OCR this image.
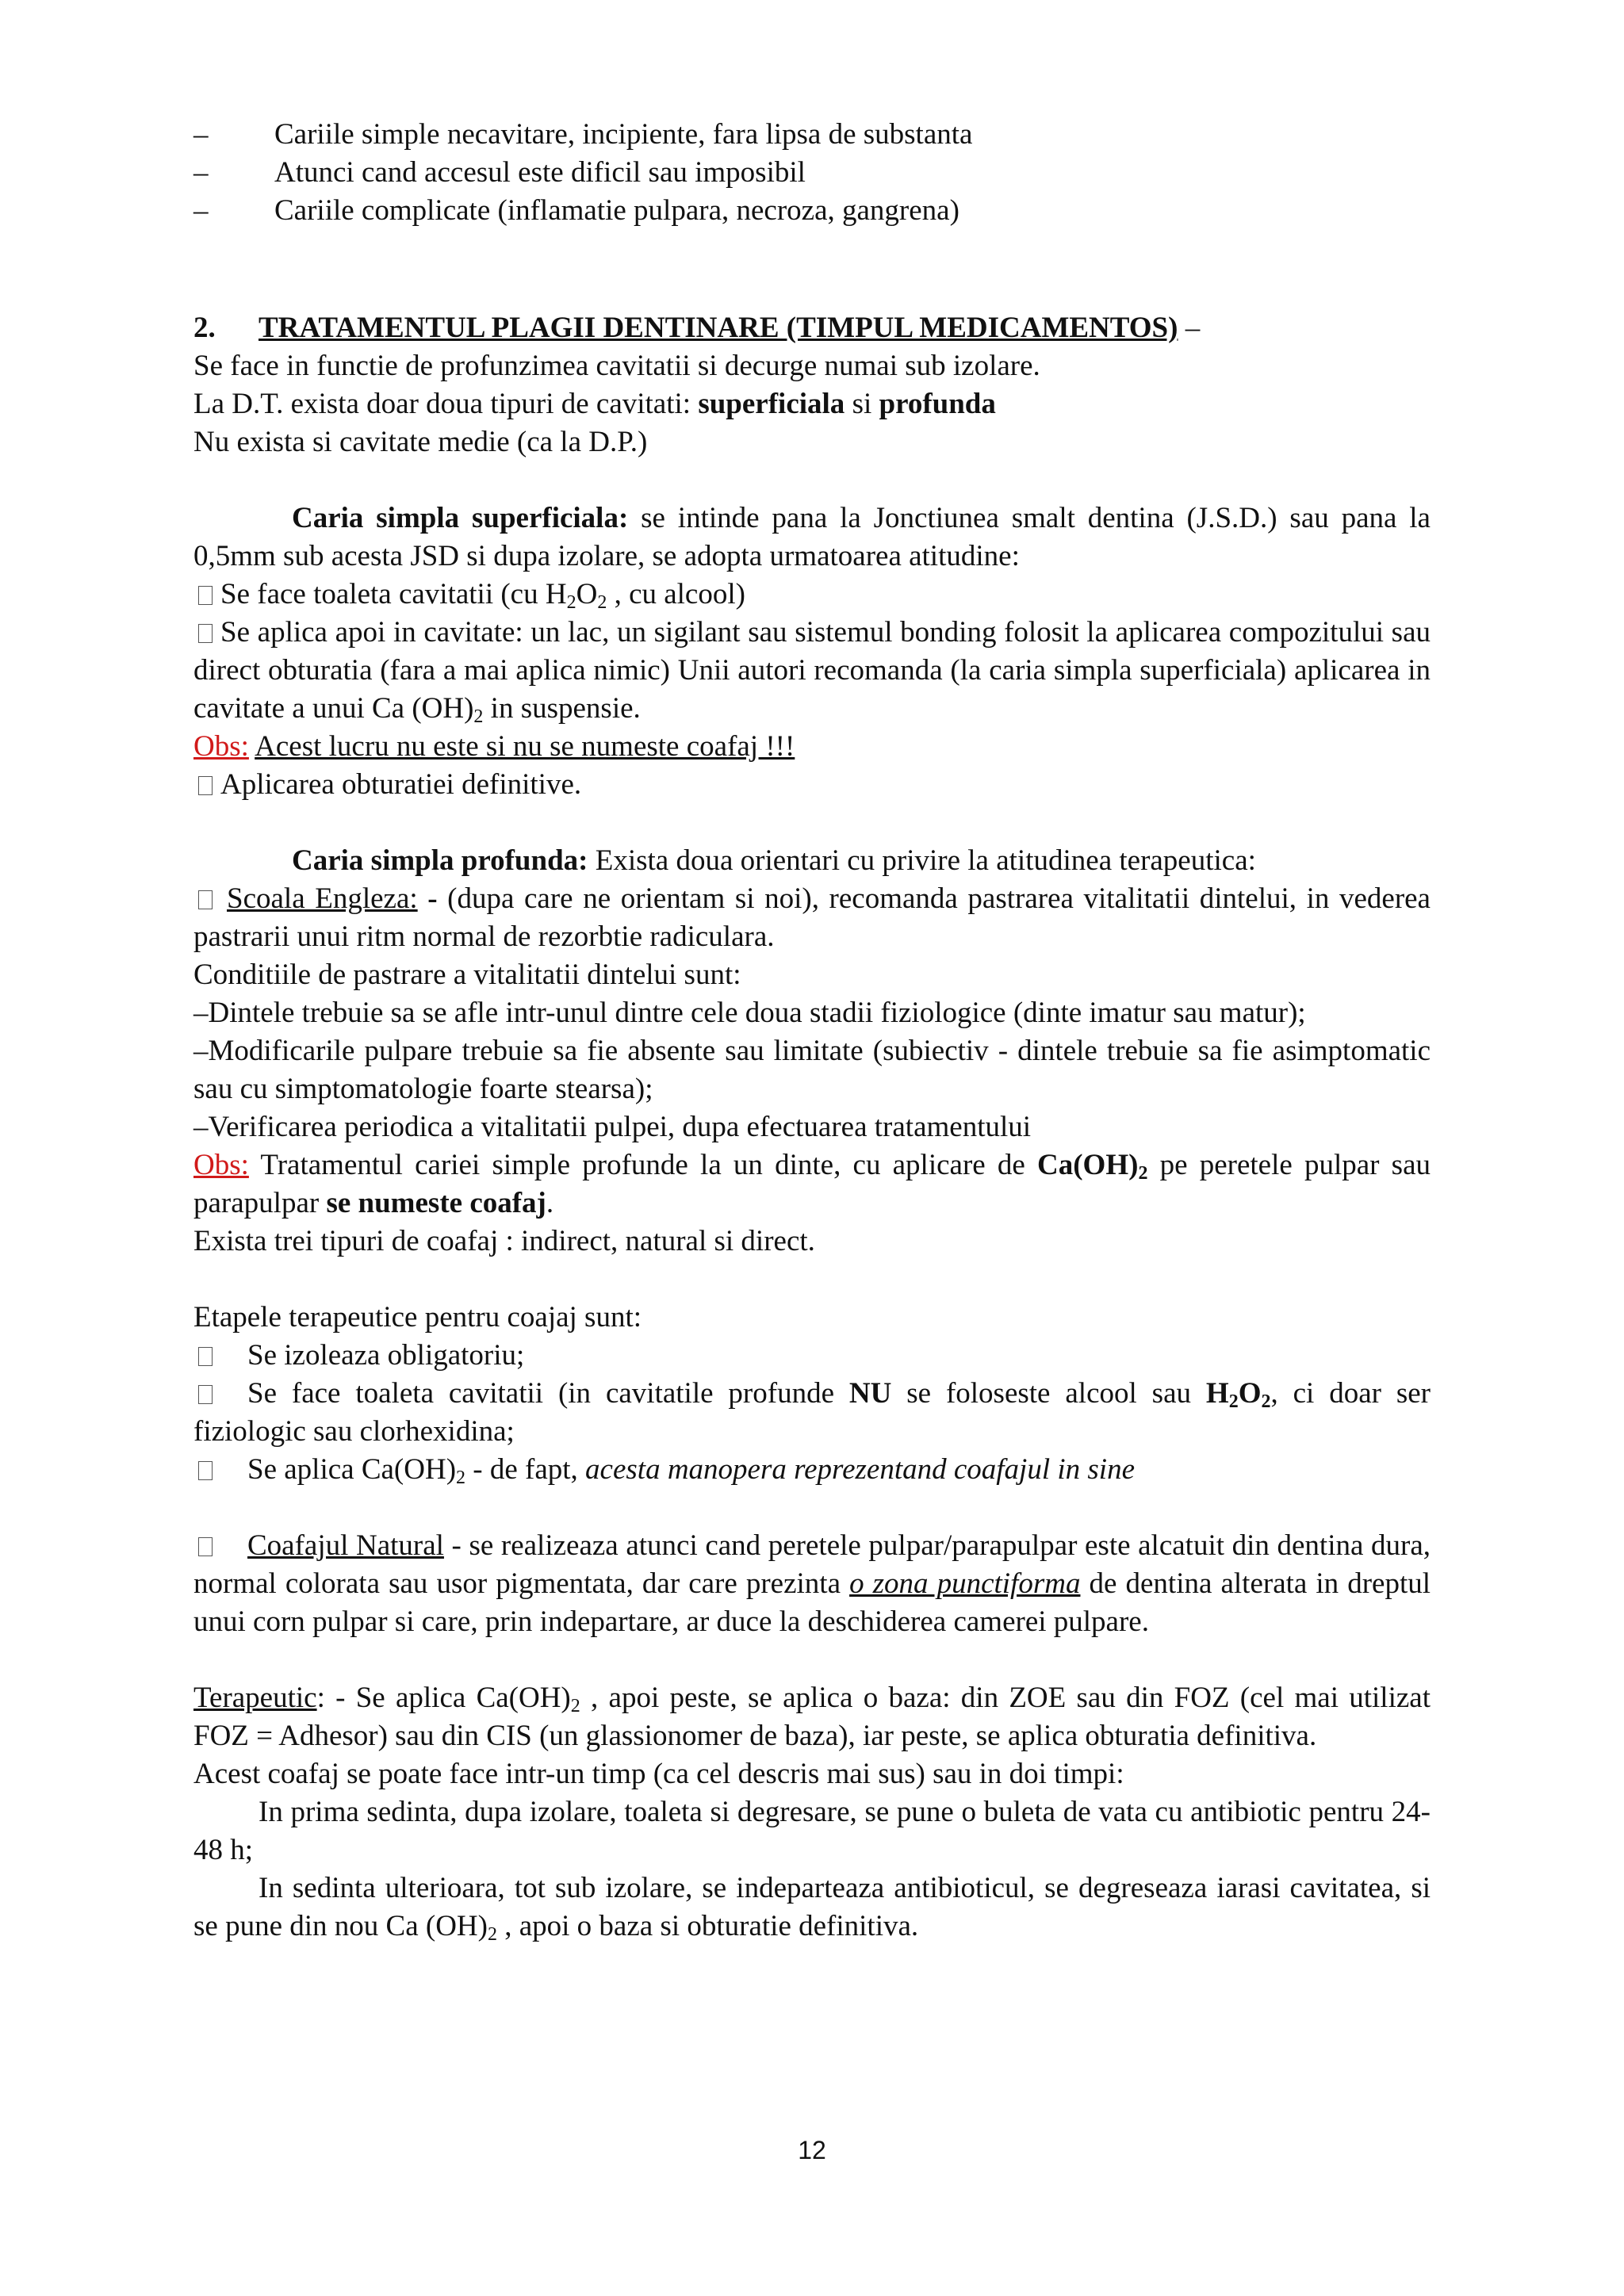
–	Cariile simple necavitare, incipiente, fara lipsa de substanta
–	Atunci cand accesul este dificil sau imposibil
–	Cariile complicate (inflamatie pulpara, necroza, gangrena)

2. TRATAMENTUL PLAGII DENTINARE (TIMPUL MEDICAMENTOS) –

Se face in functie de profunzimea cavitatii si decurge numai sub izolare.

La D.T. exista doar doua tipuri de cavitati: superficiala si profunda

Nu exista si cavitate medie (ca la D.P.)

Caria simpla superficiala: se intinde pana la Jonctiunea smalt dentina (J.S.D.) sau pana la 0,5mm sub acesta JSD si dupa izolare, se adopta urmatoarea atitudine:

Se face toaleta cavitatii (cu $H_2O_2$ , cu alcool)

Se aplica apoi in cavitate: un lac, un sigilant sau sistemul bonding folosit la aplicarea compozitului sau direct obturatia (fara a mai aplica nimic) Unii autori recomanda (la caria simpla superficiala) aplicarea in cavitate a unui Ca $(OH)_2$ in suspensie.

Obs: Acest lucru nu este si nu se numeste coafaj !!!

Aplicarea obturatiei definitive.

Caria simpla profunda: Exista doua orientari cu privire la atitudinea terapeutica:

Scoala Engleza: - (dupa care ne orientam si noi), recomanda pastrarea vitalitatii dintelui, in vederea pastrarii unui ritm normal de rezorbtie radiculara.

Conditiile de pastrare a vitalitatii dintelui sunt:

–Dintele trebuie sa se afle intr-unul dintre cele doua stadii fiziologice (dinte imatur sau matur);

–Modificarile pulpare trebuie sa fie absente sau limitate (subiectiv - dintele trebuie sa fie asimptomatic sau cu simptomatologie foarte stearsa);

–Verificarea periodica a vitalitatii pulpei, dupa efectuarea tratamentului

Obs: Tratamentul cariei simple profunde la un dinte, cu aplicare de $Ca(OH)_2$ pe peretele pulpar sau parapulpar se numeste coafaj.

Exista trei tipuri de coafaj : indirect, natural si direct.

Etapele terapeutice pentru coajaj sunt:

Se izoleaza obligatoriu;

Se face toaleta cavitatii (in cavitatile profunde NU se foloseste alcool sau $H_2O_2$, ci doar ser fiziologic sau clorhexidina;

Se aplica $Ca(OH)_2$ - de fapt, acesta manopera reprezentand coafajul in sine

Coafajul Natural - se realizeaza atunci cand peretele pulpar/parapulpar este alcatuit din dentina dura, normal colorata sau usor pigmentata, dar care prezinta o zona punctiforma de dentina alterata in dreptul unui corn pulpar si care, prin indepartare, ar duce la deschiderea camerei pulpare.

Terapeutic: - Se aplica $Ca(OH)_2$ , apoi peste, se aplica o baza: din ZOE sau din FOZ (cel mai utilizat FOZ = Adhesor) sau din CIS (un glassionomer de baza), iar peste, se aplica obturatia definitiva.

Acest coafaj se poate face intr-un timp (ca cel descris mai sus) sau in doi timpi:

In prima sedinta, dupa izolare, toaleta si degresare, se pune o buleta de vata cu antibiotic pentru 24-48 h;

In sedinta ulterioara, tot sub izolare, se indeparteaza antibioticul, se degreseaza iarasi cavitatea, si se pune din nou Ca $(OH)_2$ , apoi o baza si obturatie definitiva.

12
